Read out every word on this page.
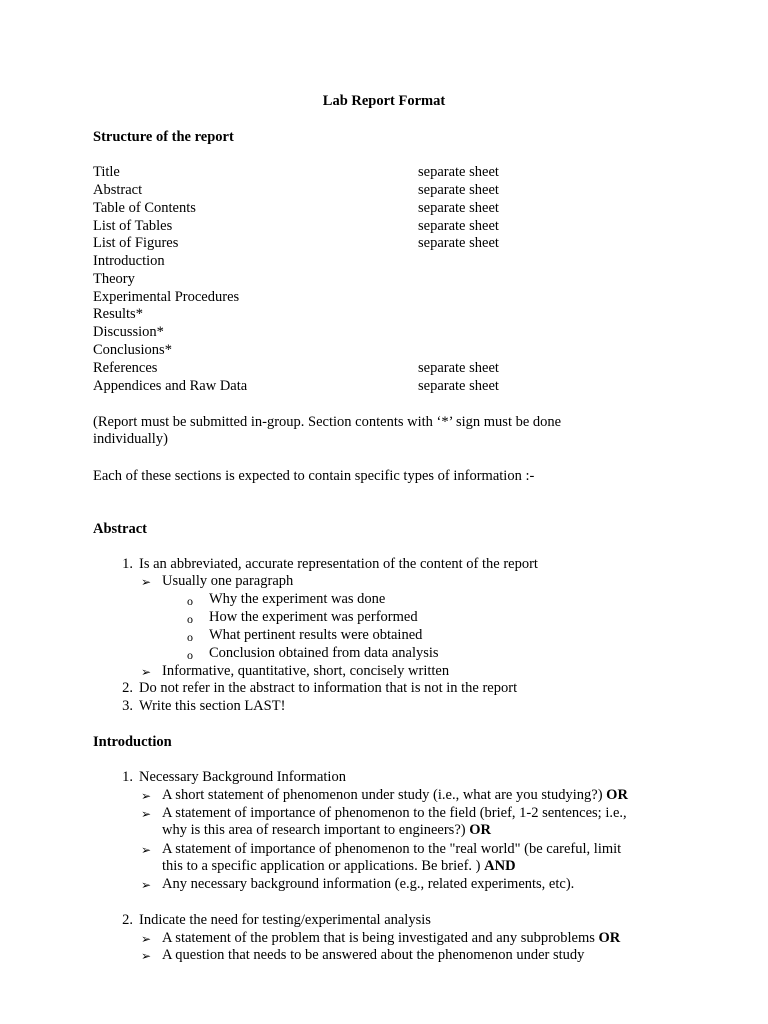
Lab Report Format
Structure of the report
Title	separate sheet
Abstract	separate sheet
Table of Contents	separate sheet
List of Tables	separate sheet
List of Figures	separate sheet
Introduction
Theory
Experimental Procedures
Results*
Discussion*
Conclusions*
References	separate sheet
Appendices and Raw Data	separate sheet
(Report must be submitted in-group. Section contents with ‘*’ sign must be done
individually)
Each of these sections is expected to contain specific types of information :-
Abstract
1. Is an abbreviated, accurate representation of the content of the report
➢ Usually one paragraph
o Why the experiment was done
o How the experiment was performed
o What pertinent results were obtained
o Conclusion obtained from data analysis
➢ Informative, quantitative, short, concisely written
2. Do not refer in the abstract to information that is not in the report
3. Write this section LAST!
Introduction
1. Necessary Background Information
➢ A short statement of phenomenon under study (i.e., what are you studying?) OR
➢ A statement of importance of phenomenon to the field (brief, 1-2 sentences; i.e.,
why is this area of research important to engineers?) OR
➢ A statement of importance of phenomenon to the "real world" (be careful, limit
this to a specific application or applications. Be brief. ) AND
➢ Any necessary background information (e.g., related experiments, etc).
2. Indicate the need for testing/experimental analysis
➢ A statement of the problem that is being investigated and any subproblems OR
➢ A question that needs to be answered about the phenomenon under study
